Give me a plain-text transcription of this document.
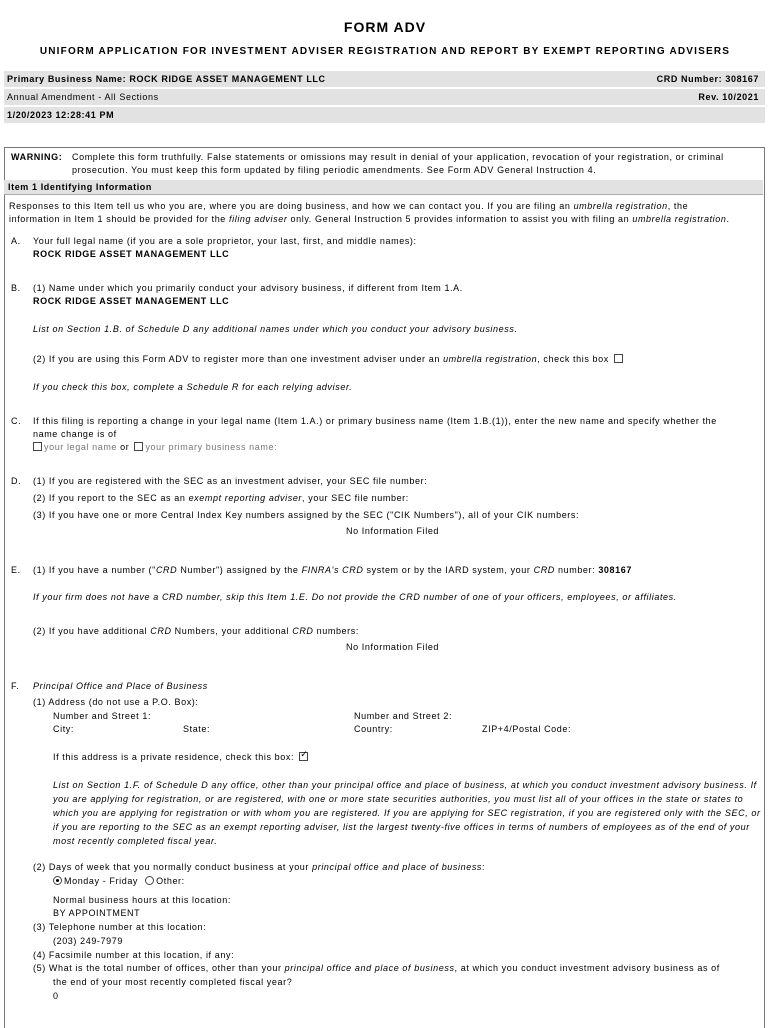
FORM ADV
UNIFORM APPLICATION FOR INVESTMENT ADVISER REGISTRATION AND REPORT BY EXEMPT REPORTING ADVISERS
Primary Business Name: ROCK RIDGE ASSET MANAGEMENT LLC	CRD Number: 308167
Annual Amendment - All Sections	Rev. 10/2021
1/20/2023 12:28:41 PM
WARNING: Complete this form truthfully. False statements or omissions may result in denial of your application, revocation of your registration, or criminal
prosecution. You must keep this form updated by filing periodic amendments. See Form ADV General Instruction 4.
Item 1 Identifying Information
Responses to this Item tell us who you are, where you are doing business, and how we can contact you. If you are filing an umbrella registration, the
information in Item 1 should be provided for the filing adviser only. General Instruction 5 provides information to assist you with filing an umbrella registration.
A. Your full legal name (if you are a sole proprietor, your last, first, and middle names):
ROCK RIDGE ASSET MANAGEMENT LLC
B. (1) Name under which you primarily conduct your advisory business, if different from Item 1.A.
ROCK RIDGE ASSET MANAGEMENT LLC
List on Section 1.B. of Schedule D any additional names under which you conduct your advisory business.
(2) If you are using this Form ADV to register more than one investment adviser under an umbrella registration, check this box
If you check this box, complete a Schedule R for each relying adviser.
C. If this filing is reporting a change in your legal name (Item 1.A.) or primary business name (Item 1.B.(1)), enter the new name and specify whether the
name change is of
your legal name or your primary business name:
D. (1) If you are registered with the SEC as an investment adviser, your SEC file number:
(2) If you report to the SEC as an exempt reporting adviser, your SEC file number:
(3) If you have one or more Central Index Key numbers assigned by the SEC ("CIK Numbers"), all of your CIK numbers:
No Information Filed
E. (1) If you have a number ("CRD Number") assigned by the FINRA's CRD system or by the IARD system, your CRD number: 308167
If your firm does not have a CRD number, skip this Item 1.E. Do not provide the CRD number of one of your officers, employees, or affiliates.
(2) If you have additional CRD Numbers, your additional CRD numbers:
No Information Filed
F. Principal Office and Place of Business
(1) Address (do not use a P.O. Box):
Number and Street 1:	Number and Street 2:
City:	State:	Country:	ZIP+4/Postal Code:
If this address is a private residence, check this box: ✓
List on Section 1.F. of Schedule D any office, other than your principal office and place of business, at which you conduct investment advisory business. If
you are applying for registration, or are registered, with one or more state securities authorities, you must list all of your offices in the state or states to
which you are applying for registration or with whom you are registered. If you are applying for SEC registration, if you are registered only with the SEC, or
if you are reporting to the SEC as an exempt reporting adviser, list the largest twenty-five offices in terms of numbers of employees as of the end of your
most recently completed fiscal year.
(2) Days of week that you normally conduct business at your principal office and place of business:
Monday - Friday Other:
Normal business hours at this location:
BY APPOINTMENT
(3) Telephone number at this location:
(203) 249-7979
(4) Facsimile number at this location, if any:
(5) What is the total number of offices, other than your principal office and place of business, at which you conduct investment advisory business as of
the end of your most recently completed fiscal year?
0
